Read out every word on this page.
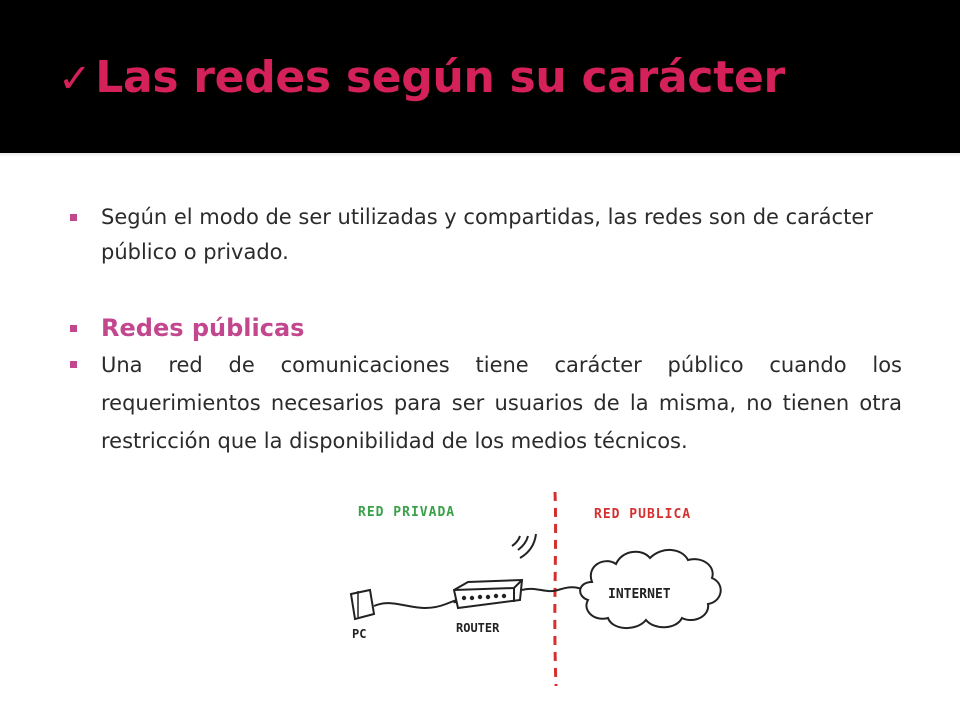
✓ Las redes según su carácter
Según el modo de ser utilizadas y compartidas, las redes son de carácter público o privado.
Redes públicas
Una red de comunicaciones tiene carácter público cuando los requerimientos necesarios para ser usuarios de la misma, no tienen otra restricción que la disponibilidad de los medios técnicos.
RED PRIVADA	RED PUBLICA
PC	ROUTER
INTERNET
